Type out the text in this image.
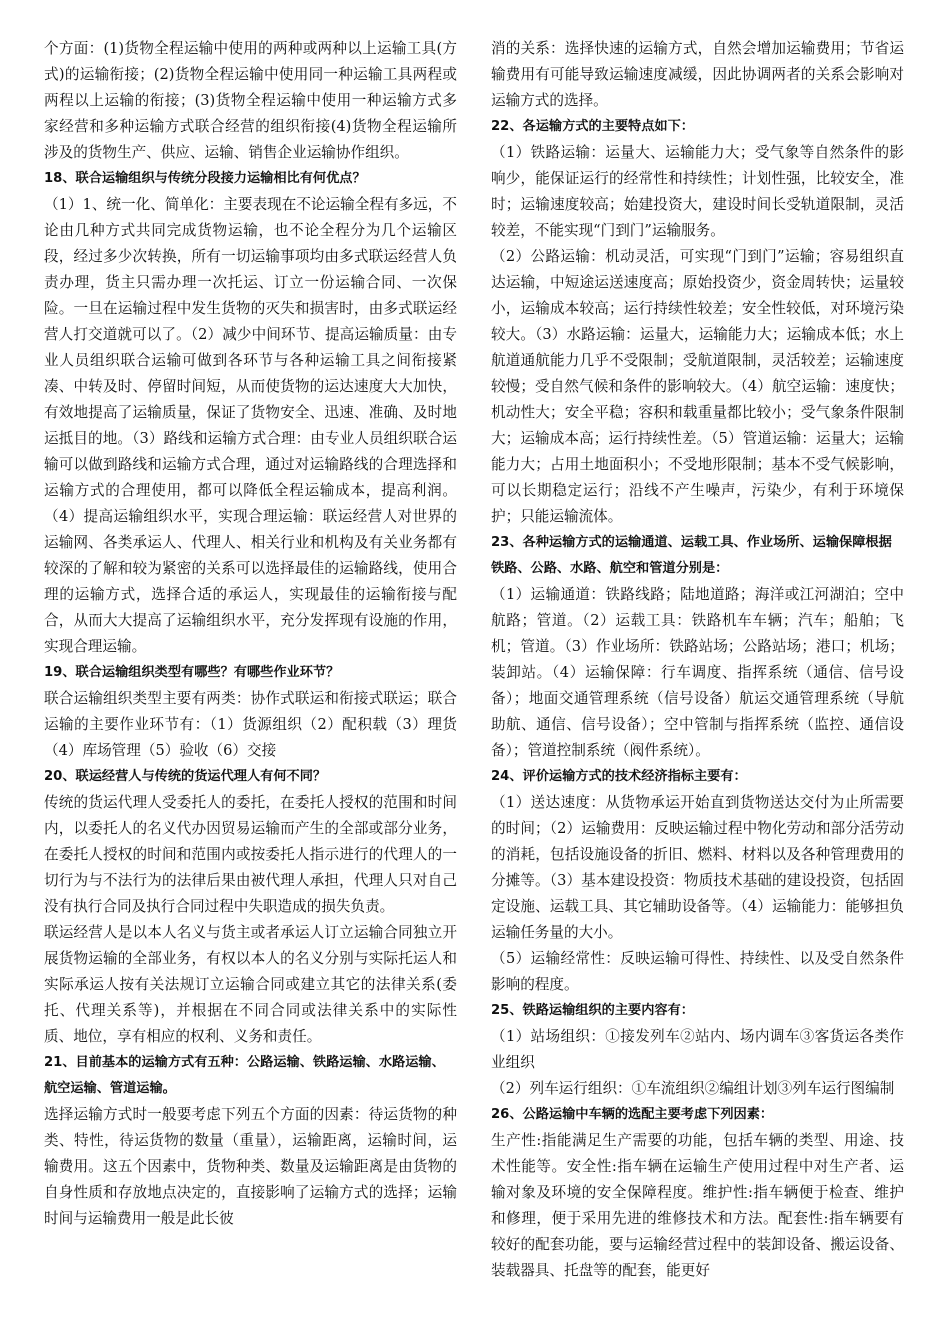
个方面：(1)货物全程运输中使用的两种或两种以上运输工具(方式)的运输衔接；(2)货物全程运输中使用同一种运输工具两程或两程以上运输的衔接；(3)货物全程运输中使用一种运输方式多家经营和多种运输方式联合经营的组织衔接(4)货物全程运输所涉及的货物生产、供应、运输、销售企业运输协作组织。

18、联合运输组织与传统分段接力运输相比有何优点？

（1）1、统一化、简单化：主要表现在不论运输全程有多远，不论由几种方式共同完成货物运输，也不论全程分为几个运输区段，经过多少次转换，所有一切运输事项均由多式联运经营人负责办理，货主只需办理一次托运、订立一份运输合同、一次保险。一旦在运输过程中发生货物的灭失和损害时，由多式联运经营人打交道就可以了。（2）减少中间环节、提高运输质量：由专业人员组织联合运输可做到各环节与各种运输工具之间衔接紧凑、中转及时、停留时间短，从而使货物的运达速度大大加快，有效地提高了运输质量，保证了货物安全、迅速、准确、及时地运抵目的地。（3）路线和运输方式合理：由专业人员组织联合运输可以做到路线和运输方式合理，通过对运输路线的合理选择和运输方式的合理使用，都可以降低全程运输成本，提高利润。（4）提高运输组织水平，实现合理运输：联运经营人对世界的运输网、各类承运人、代理人、相关行业和机构及有关业务都有较深的了解和较为紧密的关系可以选择最佳的运输路线，使用合理的运输方式，选择合适的承运人，实现最佳的运输衔接与配合，从而大大提高了运输组织水平，充分发挥现有设施的作用，实现合理运输。

19、联合运输组织类型有哪些？有哪些作业环节？

联合运输组织类型主要有两类：协作式联运和衔接式联运；联合运输的主要作业环节有：（1）货源组织（2）配积载（3）理货（4）库场管理（5）验收（6）交接

20、联运经营人与传统的货运代理人有何不同？

传统的货运代理人受委托人的委托，在委托人授权的范围和时间内，以委托人的名义代办因贸易运输而产生的全部或部分业务，在委托人授权的时间和范围内或按委托人指示进行的代理人的一切行为与不法行为的法律后果由被代理人承担，代理人只对自己没有执行合同及执行合同过程中失职造成的损失负责。

联运经营人是以本人名义与货主或者承运人订立运输合同独立开展货物运输的全部业务，有权以本人的名义分别与实际托运人和实际承运人按有关法规订立运输合同或建立其它的法律关系(委托、代理关系等)，并根据在不同合同或法律关系中的实际性质、地位，享有相应的权利、义务和责任。

21、目前基本的运输方式有五种：公路运输、铁路运输、水路运输、航空运输、管道运输。

选择运输方式时一般要考虑下列五个方面的因素：待运货物的种类、特性，待运货物的数量（重量），运输距离，运输时间，运输费用。这五个因素中，货物种类、数量及运输距离是由货物的自身性质和存放地点决定的，直接影响了运输方式的选择；运输时间与运输费用一般是此长彼

消的关系：选择快速的运输方式，自然会增加运输费用；节省运输费用有可能导致运输速度减缓，因此协调两者的关系会影响对运输方式的选择。

22、各运输方式的主要特点如下：

（1）铁路运输：运量大、运输能力大；受气象等自然条件的影响少，能保证运行的经常性和持续性；计划性强，比较安全，准时；运输速度较高；始建投资大，建设时间长受轨道限制，灵活较差，不能实现“门到门”运输服务。

（2）公路运输：机动灵活，可实现“门到门”运输；容易组织直达运输，中短途运送速度高；原始投资少，资金周转快；运量较小，运输成本较高；运行持续性较差；安全性较低，对环境污染较大。（3）水路运输：运量大，运输能力大；运输成本低；水上航道通航能力几乎不受限制；受航道限制，灵活较差；运输速度较慢；受自然气候和条件的影响较大。（4）航空运输：速度快；机动性大；安全平稳；容积和载重量都比较小；受气象条件限制大；运输成本高；运行持续性差。（5）管道运输：运量大；运输能力大；占用土地面积小；不受地形限制；基本不受气候影响，可以长期稳定运行；沿线不产生噪声，污染少，有利于环境保护；只能运输流体。

23、各种运输方式的运输通道、运载工具、作业场所、运输保障根据铁路、公路、水路、航空和管道分别是：

（1）运输通道：铁路线路；陆地道路；海洋或江河湖泊；空中航路；管道。（2）运载工具：铁路机车车辆；汽车；船舶；飞机；管道。（3）作业场所：铁路站场；公路站场；港口；机场；装卸站。（4）运输保障：行车调度、指挥系统（通信、信号设备）；地面交通管理系统（信号设备）航运交通管理系统（导航助航、通信、信号设备）；空中管制与指挥系统（监控、通信设备）；管道控制系统（阀件系统）。

24、评价运输方式的技术经济指标主要有：

（1）送达速度：从货物承运开始直到货物送达交付为止所需要的时间；（2）运输费用：反映运输过程中物化劳动和部分活劳动的消耗，包括设施设备的折旧、燃料、材料以及各种管理费用的分摊等。（3）基本建设投资：物质技术基础的建设投资，包括固定设施、运载工具、其它辅助设备等。（4）运输能力：能够担负运输任务量的大小。

（5）运输经常性：反映运输可得性、持续性、以及受自然条件影响的程度。

25、铁路运输组织的主要内容有：

（1）站场组织：①接发列车②站内、场内调车③客货运各类作业组织

（2）列车运行组织：①车流组织②编组计划③列车运行图编制

26、公路运输中车辆的选配主要考虑下列因素：

生产性:指能满足生产需要的功能，包括车辆的类型、用途、技术性能等。安全性:指车辆在运输生产使用过程中对生产者、运输对象及环境的安全保障程度。维护性:指车辆便于检查、维护和修理，便于采用先进的维修技术和方法。配套性:指车辆要有较好的配套功能，要与运输经营过程中的装卸设备、搬运设备、装载器具、托盘等的配套，能更好
